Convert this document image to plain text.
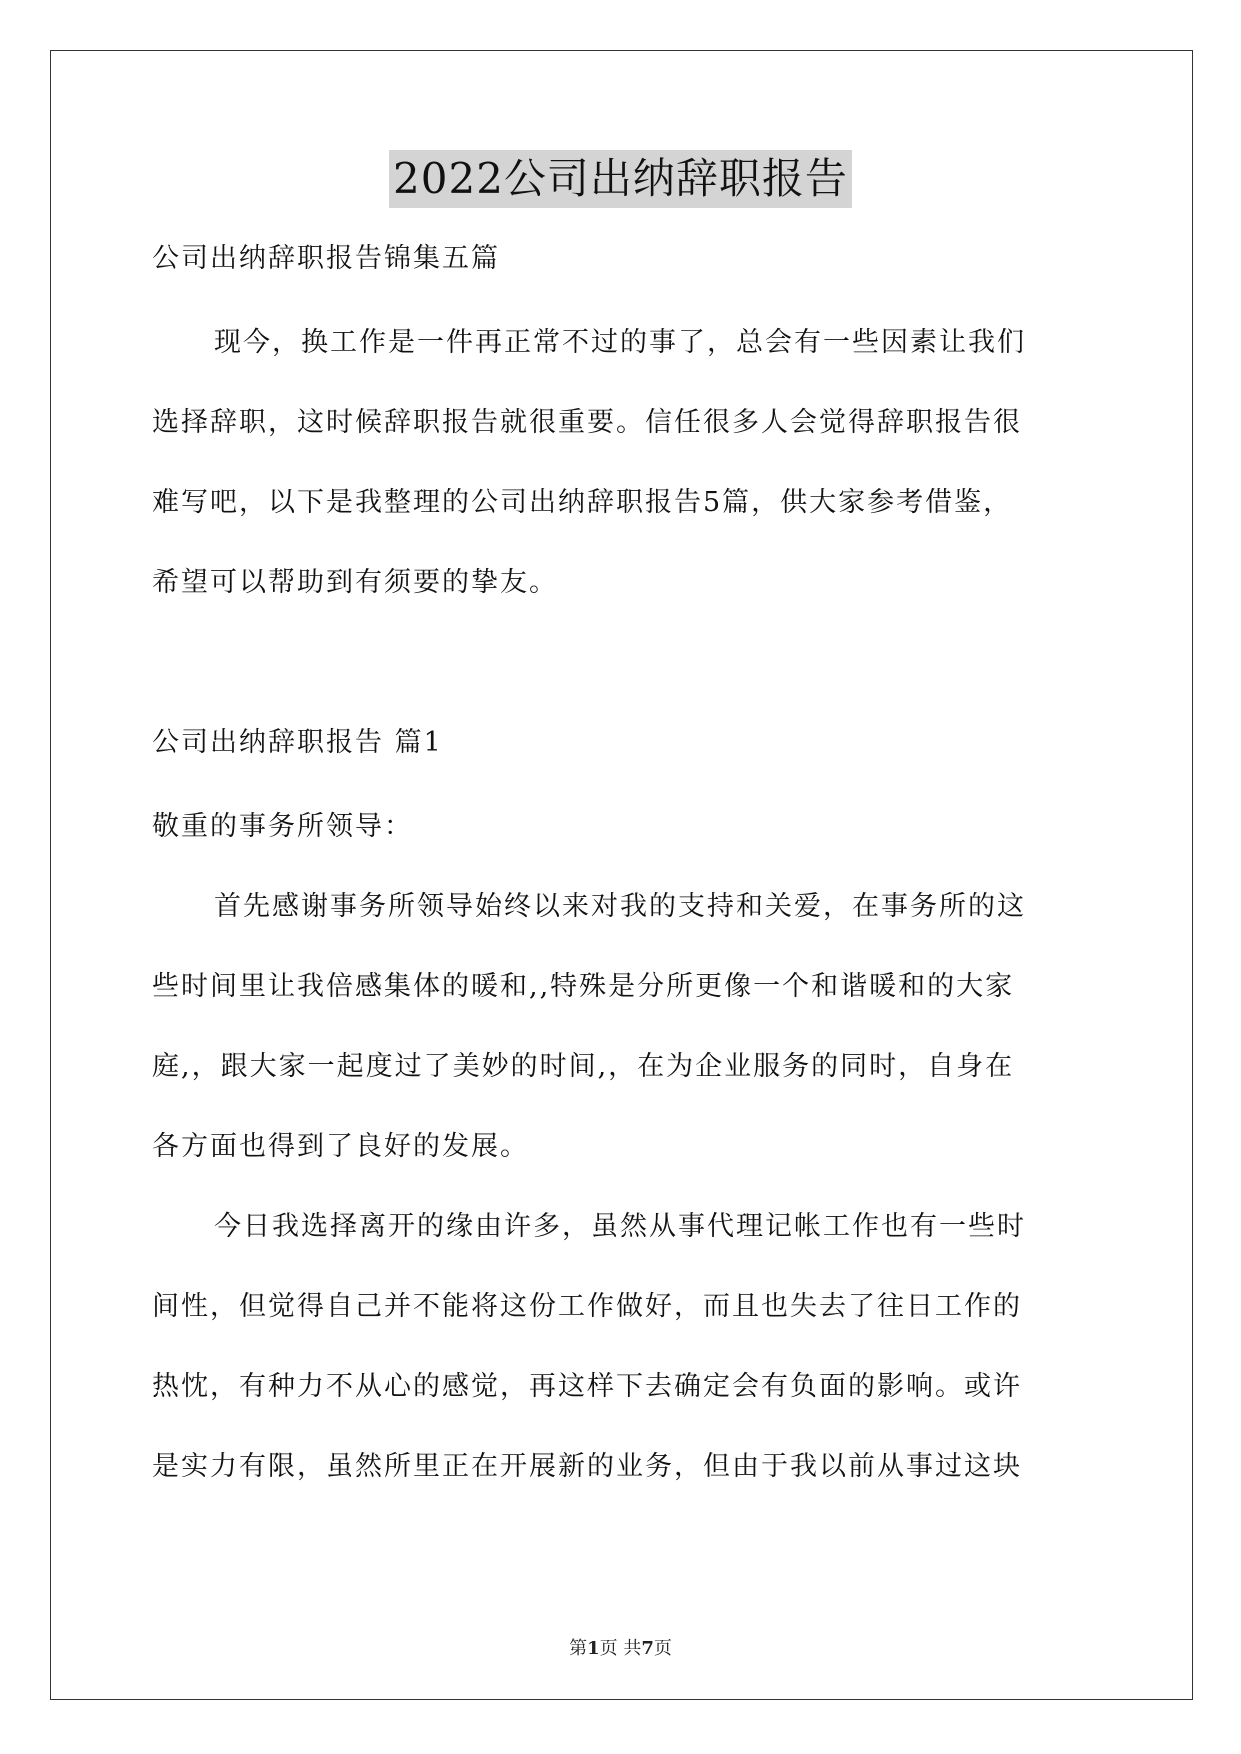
2022公司出纳辞职报告
公司出纳辞职报告锦集五篇
现今，换工作是一件再正常不过的事了，总会有一些因素让我们
选择辞职，这时候辞职报告就很重要。信任很多人会觉得辞职报告很
难写吧，以下是我整理的公司出纳辞职报告5篇，供大家参考借鉴，
希望可以帮助到有须要的挚友。
公司出纳辞职报告 篇1
敬重的事务所领导：
首先感谢事务所领导始终以来对我的支持和关爱，在事务所的这
些时间里让我倍感集体的暖和,,特殊是分所更像一个和谐暖和的大家
庭,，跟大家一起度过了美妙的时间,，在为企业服务的同时，自身在
各方面也得到了良好的发展。
今日我选择离开的缘由许多，虽然从事代理记帐工作也有一些时
间性，但觉得自己并不能将这份工作做好，而且也失去了往日工作的
热忱，有种力不从心的感觉，再这样下去确定会有负面的影响。或许
是实力有限，虽然所里正在开展新的业务，但由于我以前从事过这块
第1页 共7页
